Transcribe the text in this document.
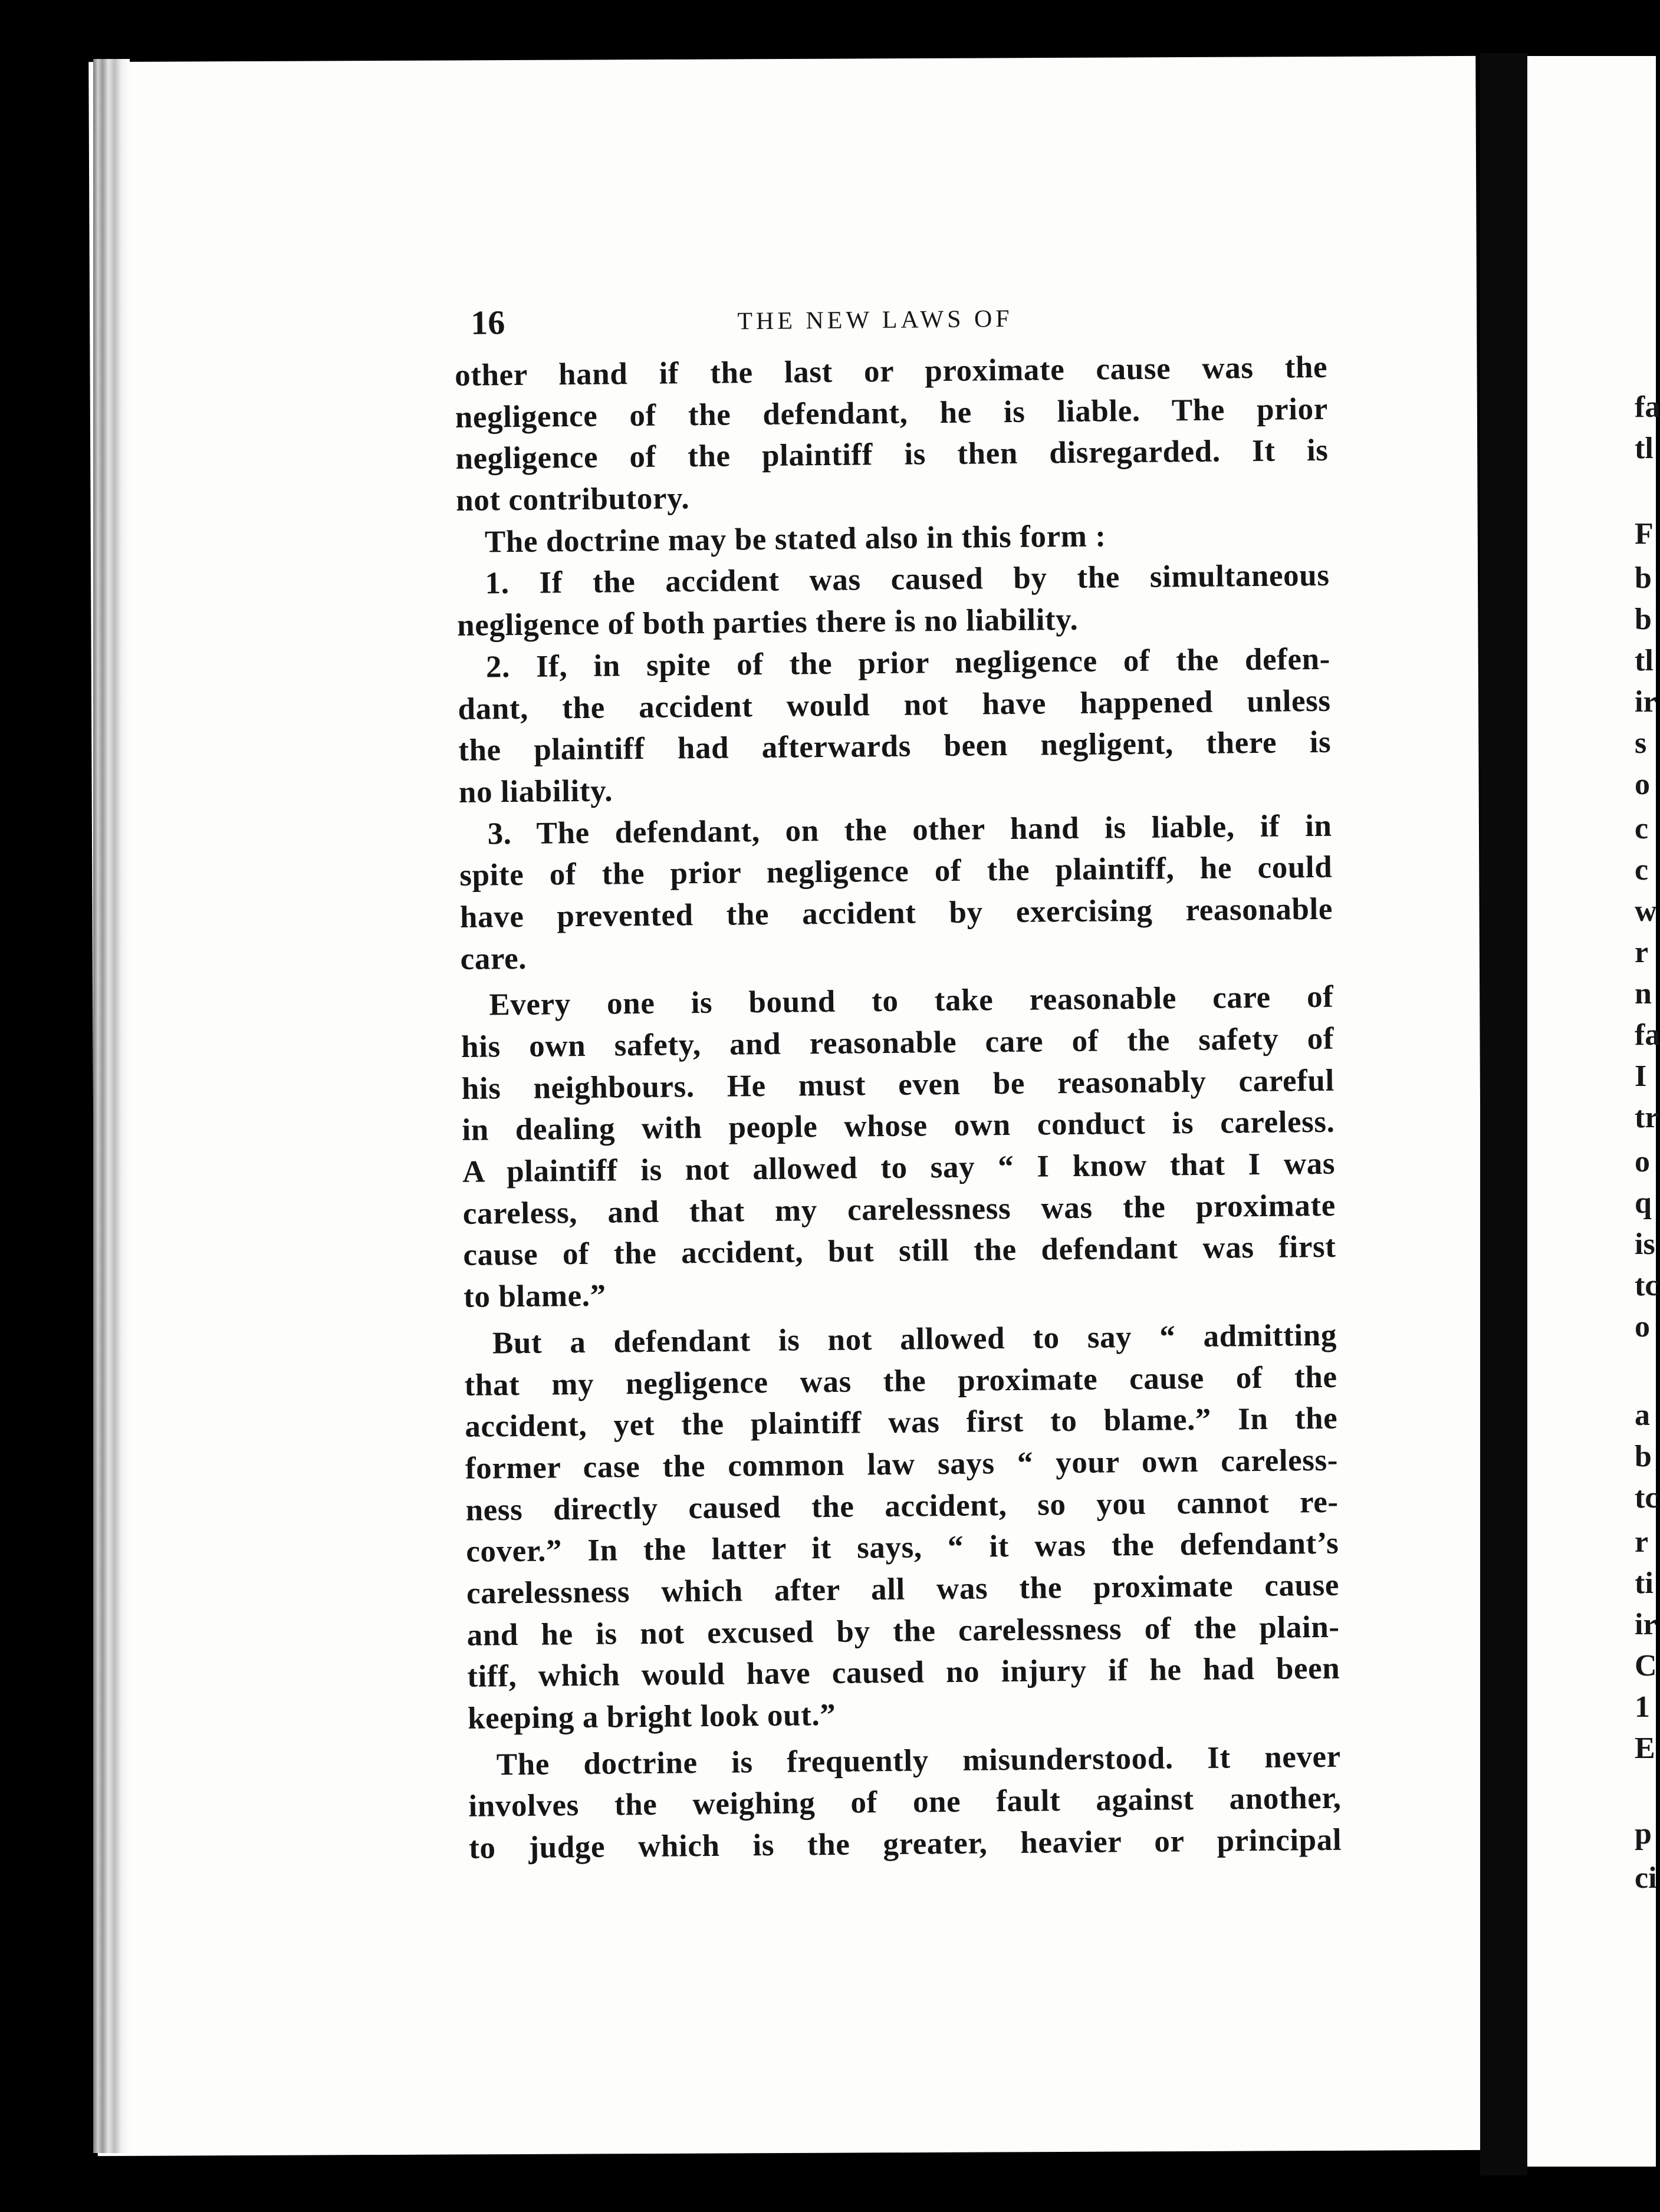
16	THE NEW LAWS OF
other hand if the last or proximate cause was the
negligence of the defendant, he is liable. The prior
negligence of the plaintiff is then disregarded. It is
not contributory.
The doctrine may be stated also in this form :
1. If the accident was caused by the simultaneous
negligence of both parties there is no liability.
2. If, in spite of the prior negligence of the defen-
dant, the accident would not have happened unless
the plaintiff had afterwards been negligent, there is
no liability.
3. The defendant, on the other hand is liable, if in
spite of the prior negligence of the plaintiff, he could
have prevented the accident by exercising reasonable
care.
Every one is bound to take reasonable care of
his own safety, and reasonable care of the safety of
his neighbours. He must even be reasonably careful
in dealing with people whose own conduct is careless.
A plaintiff is not allowed to say “ I know that I was
careless, and that my carelessness was the proximate
cause of the accident, but still the defendant was first
to blame.”
But a defendant is not allowed to say “ admitting
that my negligence was the proximate cause of the
accident, yet the plaintiff was first to blame.” In the
former case the common law says “ your own careless-
ness directly caused the accident, so you cannot re-
cover.” In the latter it says, “ it was the defendant’s
carelessness which after all was the proximate cause
and he is not excused by the carelessness of the plain-
tiff, which would have caused no injury if he had been
keeping a bright look out.”
The doctrine is frequently misunderstood. It never
involves the weighing of one fault against another,
to judge which is the greater, heavier or principal
fa
tl
F
b
b
tl
ir
s
o
c
c
w
r
n
fa
I
tr
o
q
is
tc
o
a
b
tc
r
ti
ir
C
1
E
p
ci
